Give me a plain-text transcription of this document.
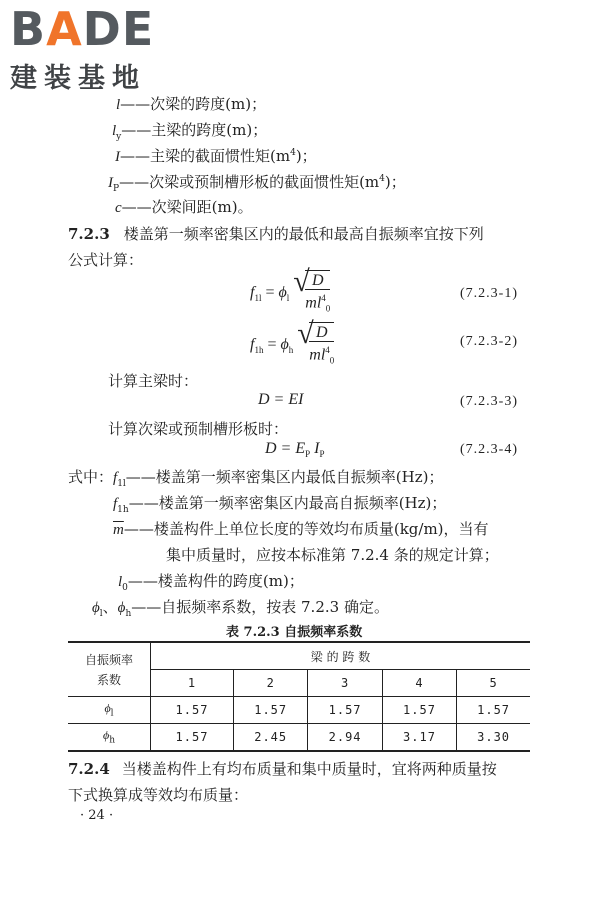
BADE
建装基地
l——次梁的跨度(m)；
$l_y——$主梁的跨度(m)；
I——主梁的截面惯性矩$(m^4)$；
$I_P——$次梁或预制槽形板的截面惯性矩$(m^4)$；
c——次梁间距(m)。
7.2.3 楼盖第一频率密集区内的最低和最高自振频率宜按下列
公式计算：
$f_{1l} = \phi_l$
√
$\frac{D}{ml^4_0}$	(7.2.3-1)
$f_{1h} = \phi_h$
√
$\frac{D}{ml^4_0}$	(7.2.3-2)
计算主梁时：
D = EI	(7.2.3-3)
计算次梁或预制槽形板时：
$D = E_P$ $I_P$	(7.2.3-4)
式中：$f_{1l}——$楼盖第一频率密集区内最低自振频率(Hz)；
$f_{1h}——$楼盖第一频率密集区内最高自振频率(Hz)；
$\overline{m}——$楼盖构件上单位长度的等效均布质量(kg/m)，当有
集中质量时，应按本标准第 7.2.4 条的规定计算；
$l_0——$楼盖构件的跨度(m)；
$\phi_l$、$\phi_h——$自振频率系数，按表 7.2.3 确定。
表 7.2.3 自振频率系数
自振频率
系数	梁 的 跨 数				
	1	2	3	4	5
$\phi_l$	1.57	1.57	1.57	1.57	1.57
$\phi_h$	1.57	2.45	2.94	3.17	3.30
7.2.4 当楼盖构件上有均布质量和集中质量时，宜将两种质量按
下式换算成等效均布质量：
· 24 ·
